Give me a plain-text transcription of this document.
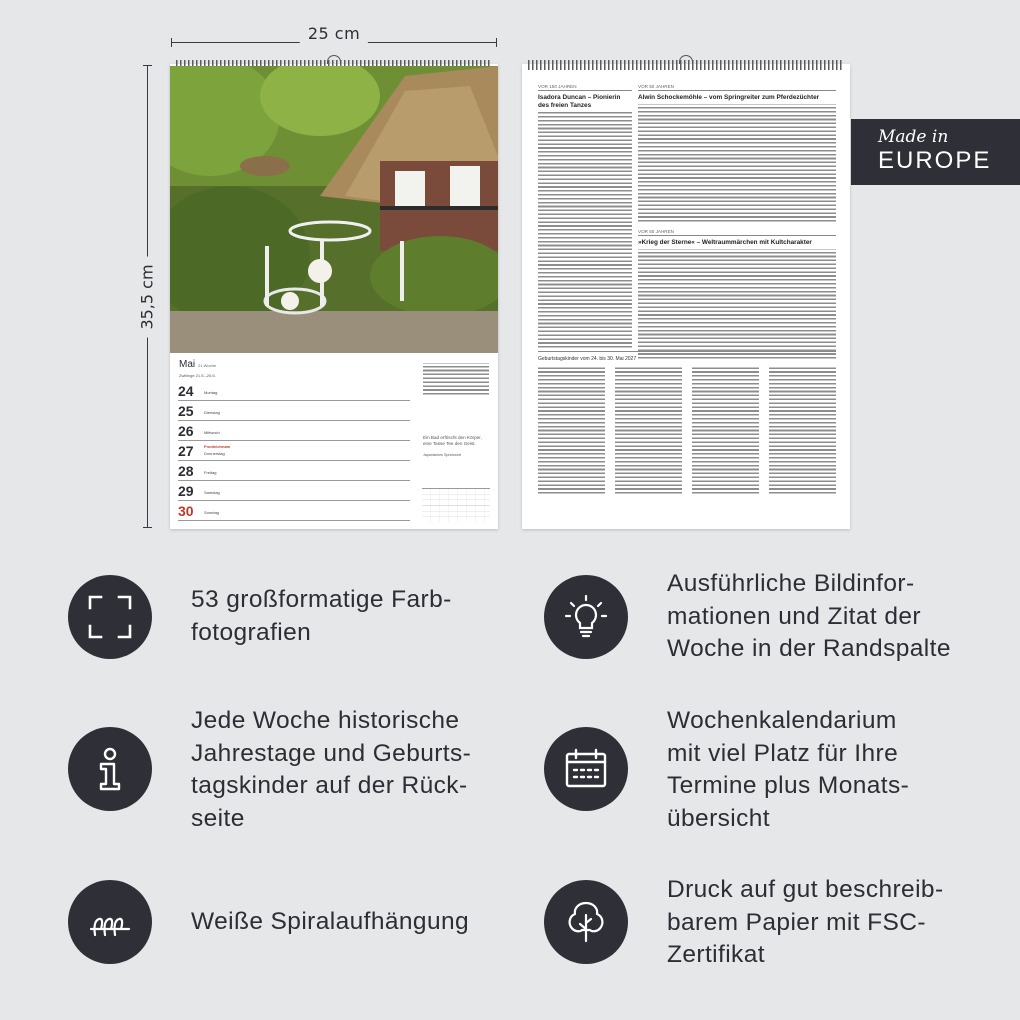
25 cm
35,5 cm
Mai 21.Woche
Zwillinge 21.5.–20.6.
24	Montag
25	Dienstag
26	Mittwoch
27	Fronleichnam
Donnerstag
28	Freitag
29	Samstag
30	Sonntag
Ein Bad erfrischt den Körper, eine Tasse Tee den Geist.
Japanisches Sprichwort
VOR 150 JAHREN
Isadora Duncan – Pionierin des freien Tanzes
VOR 50 JAHREN
Alwin Schockemöhle – vom Springreiter zum Pferdezüchter
VOR 50 JAHREN
»Krieg der Sterne« – Weltraummärchen mit Kultcharakter
Geburtstagskinder vom 24. bis 30. Mai 2027
Made in
EUROPE
53 großformatige Farb-
fotografien
Ausführliche Bildinfor-
mationen und Zitat der
Woche in der Randspalte
Jede Woche historische
Jahrestage und Geburts-
tagskinder auf der Rück-
seite
Wochenkalendarium
mit viel Platz für Ihre
Termine plus Monats-
übersicht
Weiße Spiralaufhängung
Druck auf gut beschreib-
barem Papier mit FSC-
Zertifikat
